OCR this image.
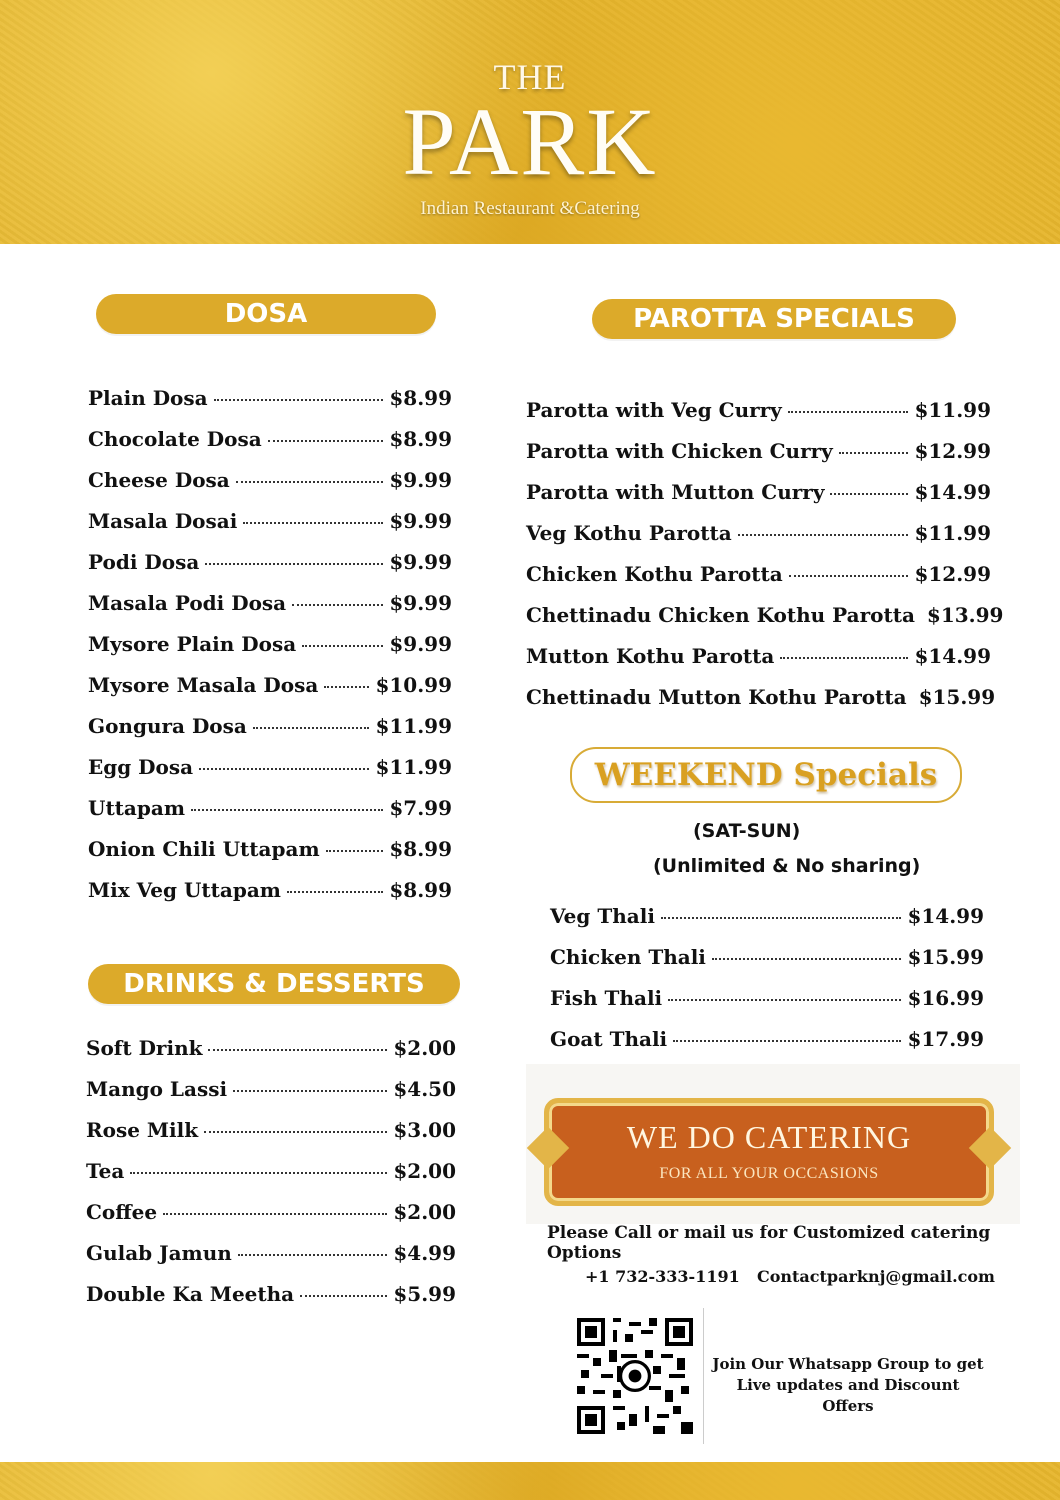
THE
PARK
Indian Restaurant &Catering
DOSA
Plain Dosa	$8.99
Chocolate Dosa	$8.99
Cheese Dosa	$9.99
Masala Dosai	$9.99
Podi Dosa	$9.99
Masala Podi Dosa	$9.99
Mysore Plain Dosa	$9.99
Mysore Masala Dosa	$10.99
Gongura Dosa	$11.99
Egg Dosa	$11.99
Uttapam	$7.99
Onion Chili Uttapam	$8.99
Mix Veg Uttapam	$8.99
DRINKS & DESSERTS
Soft Drink	$2.00
Mango Lassi	$4.50
Rose Milk	$3.00
Tea	$2.00
Coffee	$2.00
Gulab Jamun	$4.99
Double Ka Meetha	$5.99
PAROTTA SPECIALS
Parotta with Veg Curry	$11.99
Parotta with Chicken Curry	$12.99
Parotta with Mutton Curry	$14.99
Veg Kothu Parotta	$11.99
Chicken Kothu Parotta	$12.99
Chettinadu Chicken Kothu Parotta $13.99
Mutton Kothu Parotta	$14.99
Chettinadu Mutton Kothu Parotta $15.99
WEEKEND Specials
(SAT-SUN)
(Unlimited & No sharing)
Veg Thali	$14.99
Chicken Thali	$15.99
Fish Thali	$16.99
Goat Thali	$17.99
WE DO CATERING
FOR ALL YOUR OCCASIONS
Please Call or mail us for Customized catering Options
+1 732-333-1191 Contactparknj@gmail.com
Join Our Whatsapp Group to get
Live updates and Discount Offers
